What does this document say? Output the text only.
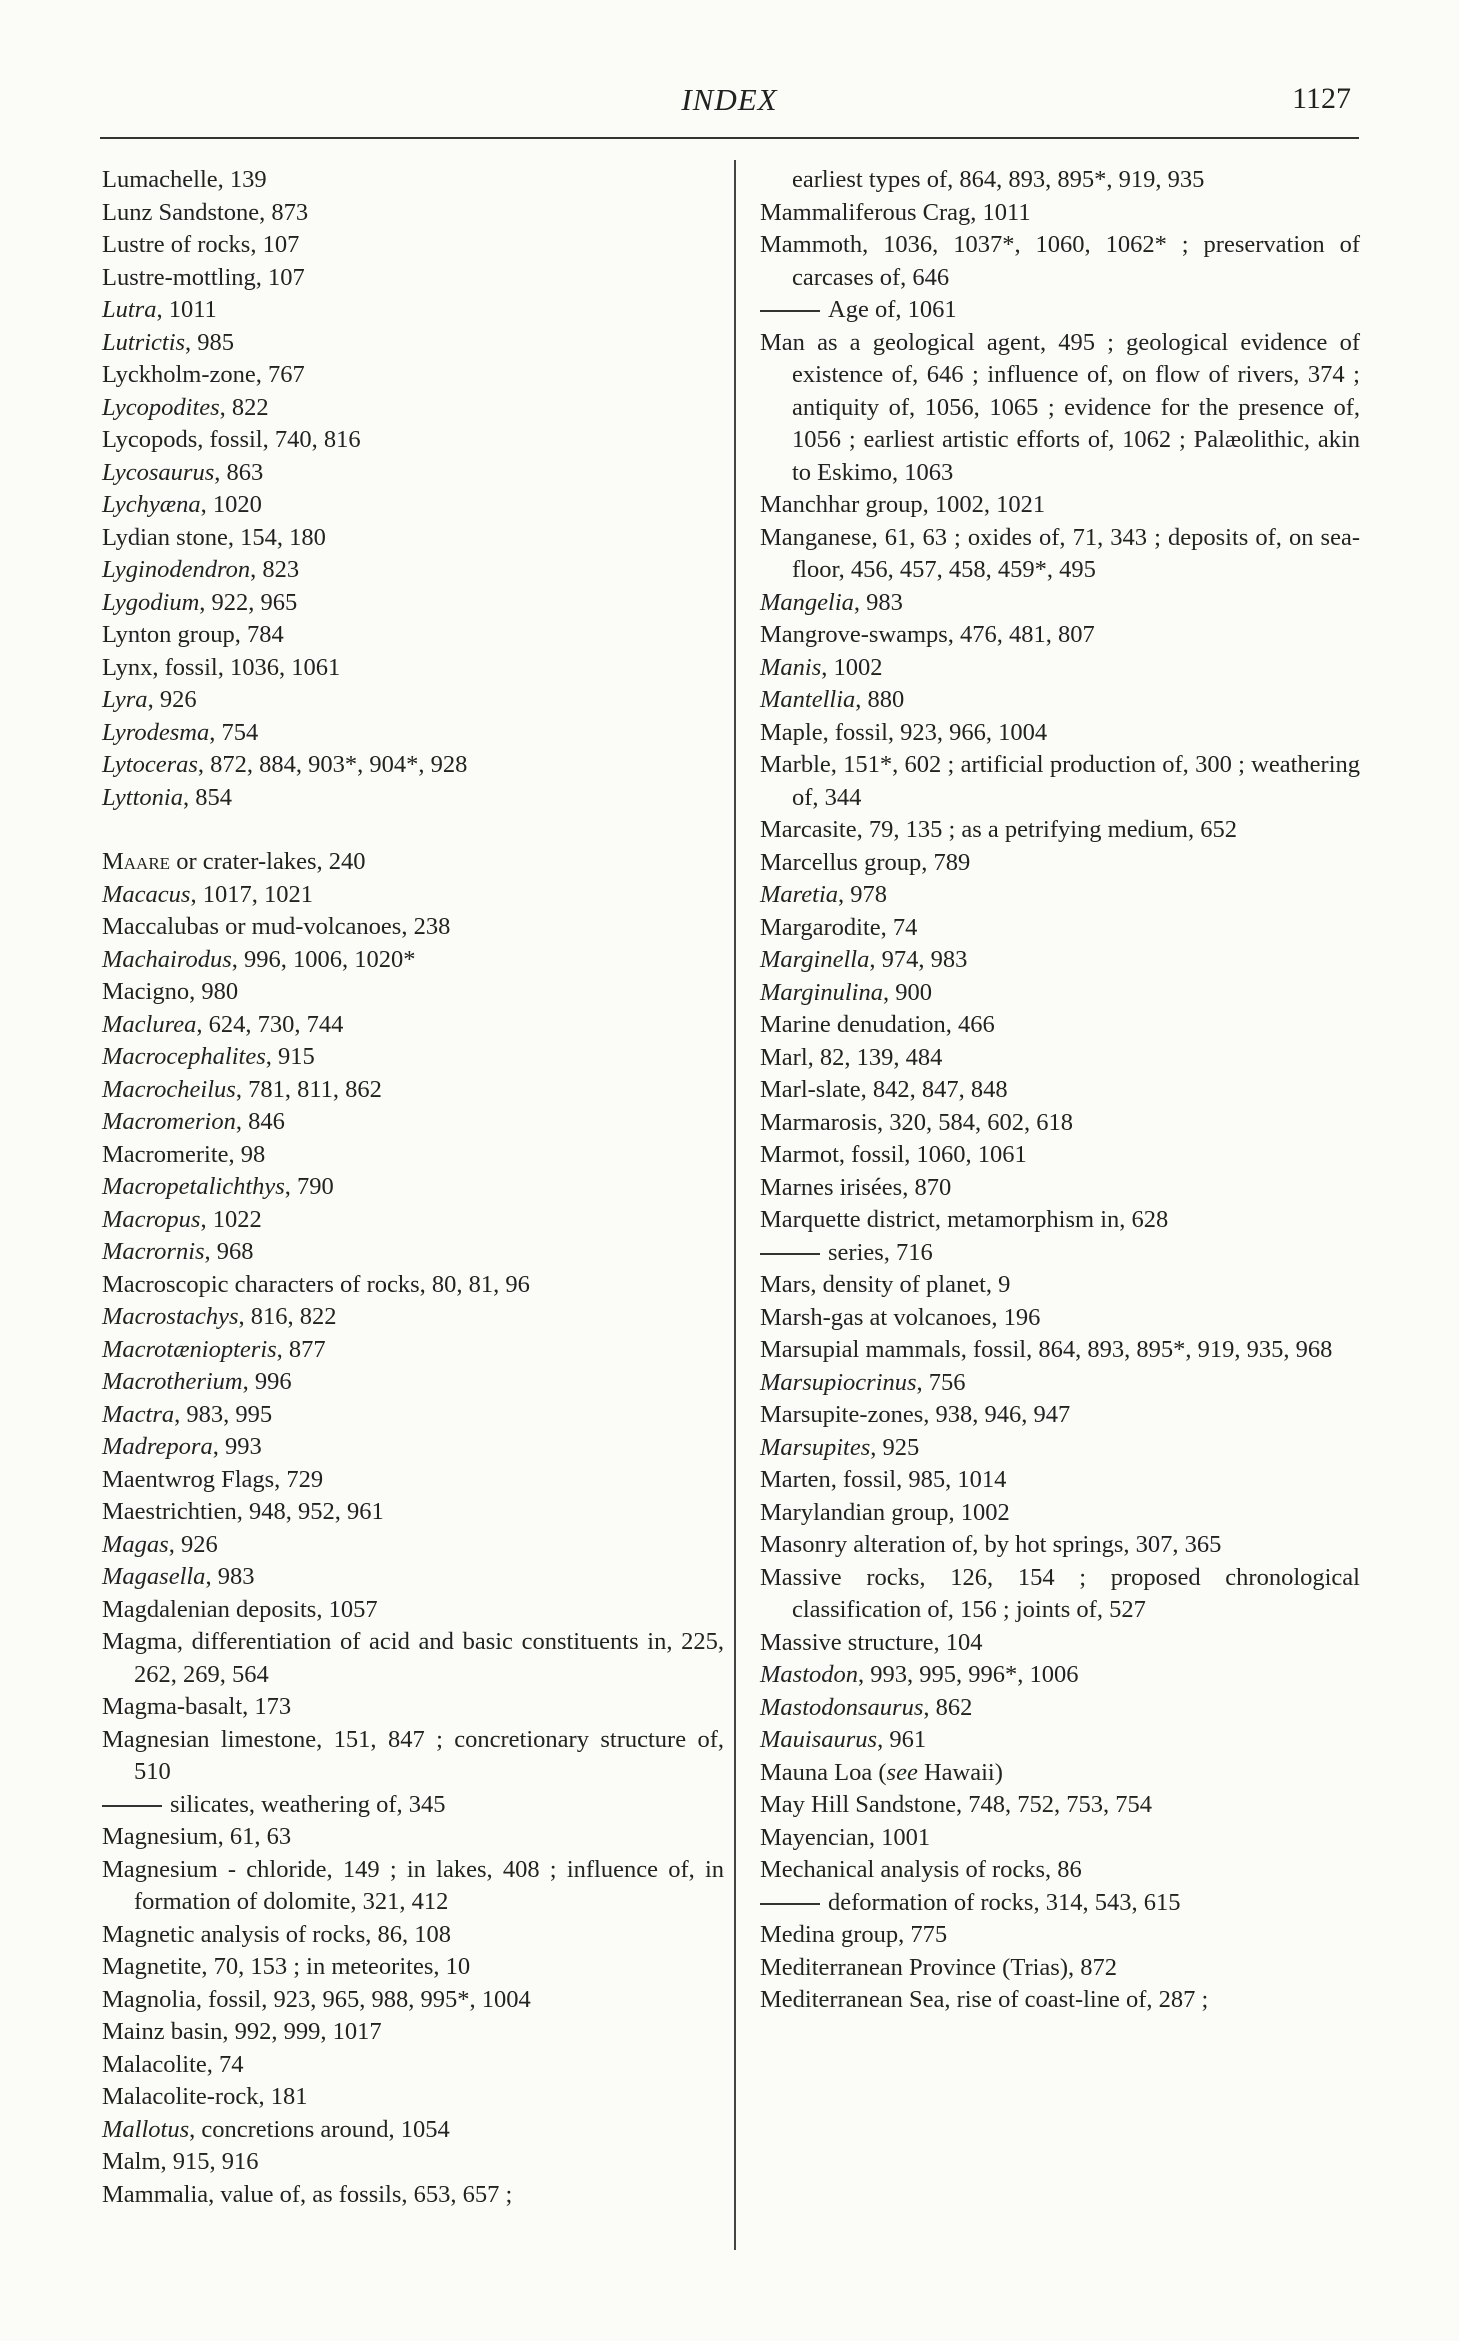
INDEX	1127
Lumachelle, 139
Lunz Sandstone, 873
Lustre of rocks, 107
Lustre-mottling, 107
Lutra, 1011
Lutrictis, 985
Lyckholm-zone, 767
Lycopodites, 822
Lycopods, fossil, 740, 816
Lycosaurus, 863
Lychyæna, 1020
Lydian stone, 154, 180
Lyginodendron, 823
Lygodium, 922, 965
Lynton group, 784
Lynx, fossil, 1036, 1061
Lyra, 926
Lyrodesma, 754
Lytoceras, 872, 884, 903*, 904*, 928
Lyttonia, 854
Maare or crater-lakes, 240
Macacus, 1017, 1021
Maccalubas or mud-volcanoes, 238
Machairodus, 996, 1006, 1020*
Macigno, 980
Maclurea, 624, 730, 744
Macrocephalites, 915
Macrocheilus, 781, 811, 862
Macromerion, 846
Macromerite, 98
Macropetalichthys, 790
Macropus, 1022
Macrornis, 968
Macroscopic characters of rocks, 80, 81, 96
Macrostachys, 816, 822
Macrotæniopteris, 877
Macrotherium, 996
Mactra, 983, 995
Madrepora, 993
Maentwrog Flags, 729
Maestrichtien, 948, 952, 961
Magas, 926
Magasella, 983
Magdalenian deposits, 1057
Magma, differentiation of acid and basic constituents in, 225, 262, 269, 564
Magma-basalt, 173
Magnesian limestone, 151, 847 ; concretionary structure of, 510
silicates, weathering of, 345
Magnesium, 61, 63
Magnesium - chloride, 149 ; in lakes, 408 ; influence of, in formation of dolomite, 321, 412
Magnetic analysis of rocks, 86, 108
Magnetite, 70, 153 ; in meteorites, 10
Magnolia, fossil, 923, 965, 988, 995*, 1004
Mainz basin, 992, 999, 1017
Malacolite, 74
Malacolite-rock, 181
Mallotus, concretions around, 1054
Malm, 915, 916
Mammalia, value of, as fossils, 653, 657 ;
earliest types of, 864, 893, 895*, 919, 935
Mammaliferous Crag, 1011
Mammoth, 1036, 1037*, 1060, 1062* ; preservation of carcases of, 646
Age of, 1061
Man as a geological agent, 495 ; geological evidence of existence of, 646 ; influence of, on flow of rivers, 374 ; antiquity of, 1056, 1065 ; evidence for the presence of, 1056 ; earliest artistic efforts of, 1062 ; Palæolithic, akin to Eskimo, 1063
Manchhar group, 1002, 1021
Manganese, 61, 63 ; oxides of, 71, 343 ; deposits of, on sea-floor, 456, 457, 458, 459*, 495
Mangelia, 983
Mangrove-swamps, 476, 481, 807
Manis, 1002
Mantellia, 880
Maple, fossil, 923, 966, 1004
Marble, 151*, 602 ; artificial production of, 300 ; weathering of, 344
Marcasite, 79, 135 ; as a petrifying medium, 652
Marcellus group, 789
Maretia, 978
Margarodite, 74
Marginella, 974, 983
Marginulina, 900
Marine denudation, 466
Marl, 82, 139, 484
Marl-slate, 842, 847, 848
Marmarosis, 320, 584, 602, 618
Marmot, fossil, 1060, 1061
Marnes irisées, 870
Marquette district, metamorphism in, 628
series, 716
Mars, density of planet, 9
Marsh-gas at volcanoes, 196
Marsupial mammals, fossil, 864, 893, 895*, 919, 935, 968
Marsupiocrinus, 756
Marsupite-zones, 938, 946, 947
Marsupites, 925
Marten, fossil, 985, 1014
Marylandian group, 1002
Masonry alteration of, by hot springs, 307, 365
Massive rocks, 126, 154 ; proposed chronological classification of, 156 ; joints of, 527
Massive structure, 104
Mastodon, 993, 995, 996*, 1006
Mastodonsaurus, 862
Mauisaurus, 961
Mauna Loa (see Hawaii)
May Hill Sandstone, 748, 752, 753, 754
Mayencian, 1001
Mechanical analysis of rocks, 86
deformation of rocks, 314, 543, 615
Medina group, 775
Mediterranean Province (Trias), 872
Mediterranean Sea, rise of coast-line of, 287 ;
